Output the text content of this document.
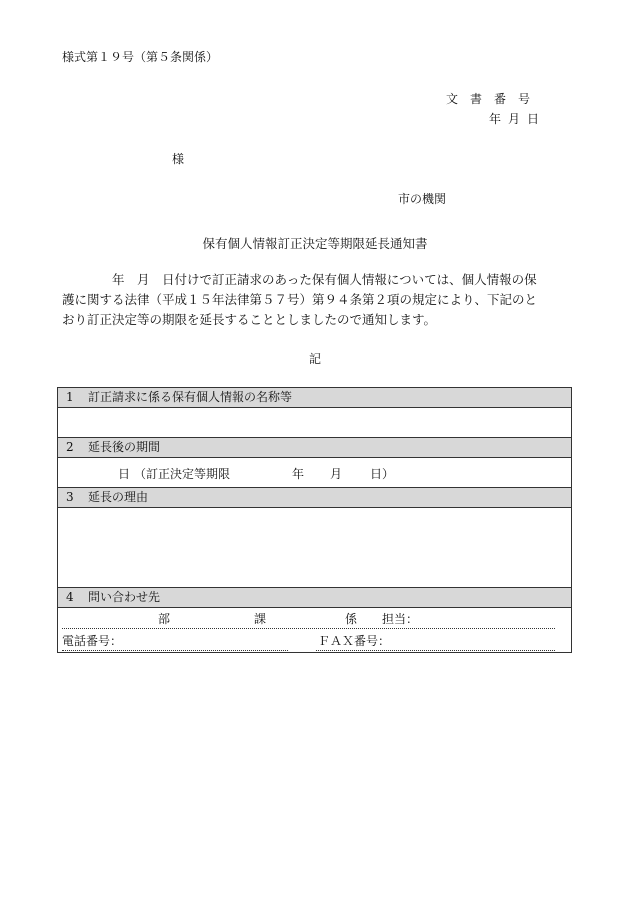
様式第１９号（第５条関係）
文書番号
年月日
様
市の機関
保有個人情報訂正決定等期限延長通知書

　　　　年　月　日付けで訂正請求のあった保有個人情報については、個人情報の保

護に関する法律（平成１５年法律第５７号）第９４条第２項の規定により、下記のと

おり訂正決定等の期限を延長することとしましたので通知します。

記
1 訂正請求に係る保有個人情報の名称等
2 延長後の期間
日 （訂正決定等期限	年 月 日）
3 延長の理由
4 問い合わせ先
部	課	係 担当：
電話番号：	ＦＡＸ番号：
